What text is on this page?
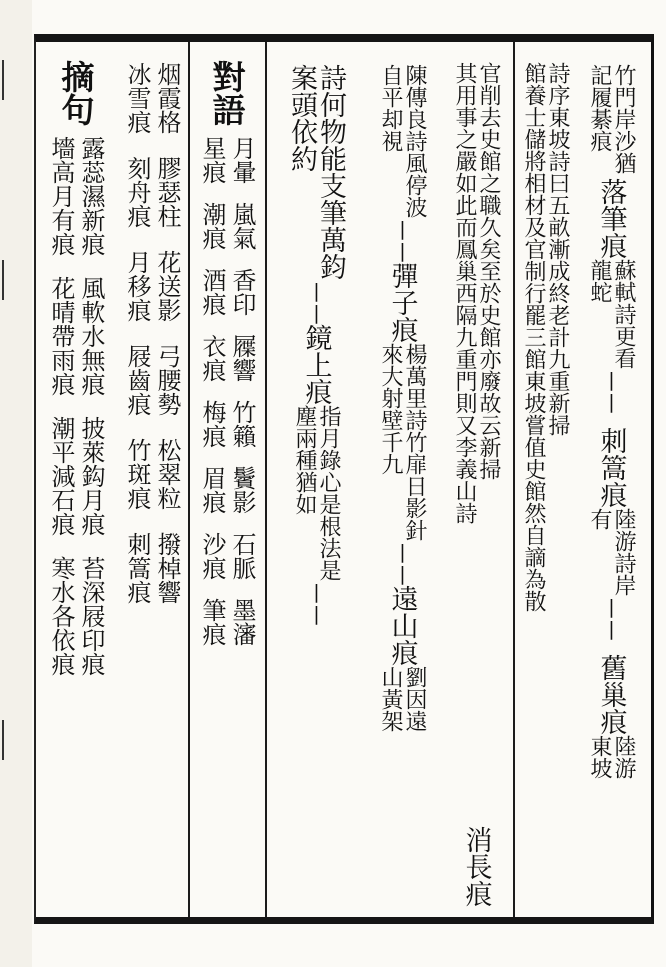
竹門岸沙猶
記履綦痕
落筆痕
蘇軾詩更看
龍蛇
||
刺篙痕
陸游詩岸
有
||
舊巢痕
陸游
東坡
詩序東坡詩曰五畝漸成終老計九重新掃
館養士儲將相材及官制行罷三館東坡嘗值史館然自謫為散
官削去史館之職久矣至於史館亦廢故云新掃
其用事之嚴如此而鳳巢西隔九重門則又李義山詩
消長痕
陳傳良詩風停波
自平却視
||
彈子痕
楊萬里詩竹扉日影針
來大射壁千九
||
遠山痕
劉因遠
山黃架
詩何物能支筆萬鈞
案頭依約
||
鏡上痕
指月錄心是根法是
塵兩種猶如
||
對語
月暈
星痕
嵐氣
潮痕
香印
酒痕
屧響
衣痕
竹籟
梅痕
鬢影
眉痕
石脈
沙痕
墨瀋
筆痕
烟霞格
冰雪痕
膠瑟柱
刻舟痕
花送影
月移痕
弓腰勢
屐齒痕
松翠粒
竹斑痕
撥棹響
刺篙痕
摘句
露蕊濕新痕
墻高月有痕
風軟水無痕
花晴帶雨痕
披萊鈎月痕
潮平減石痕
苔深屐印痕
寒水各依痕
